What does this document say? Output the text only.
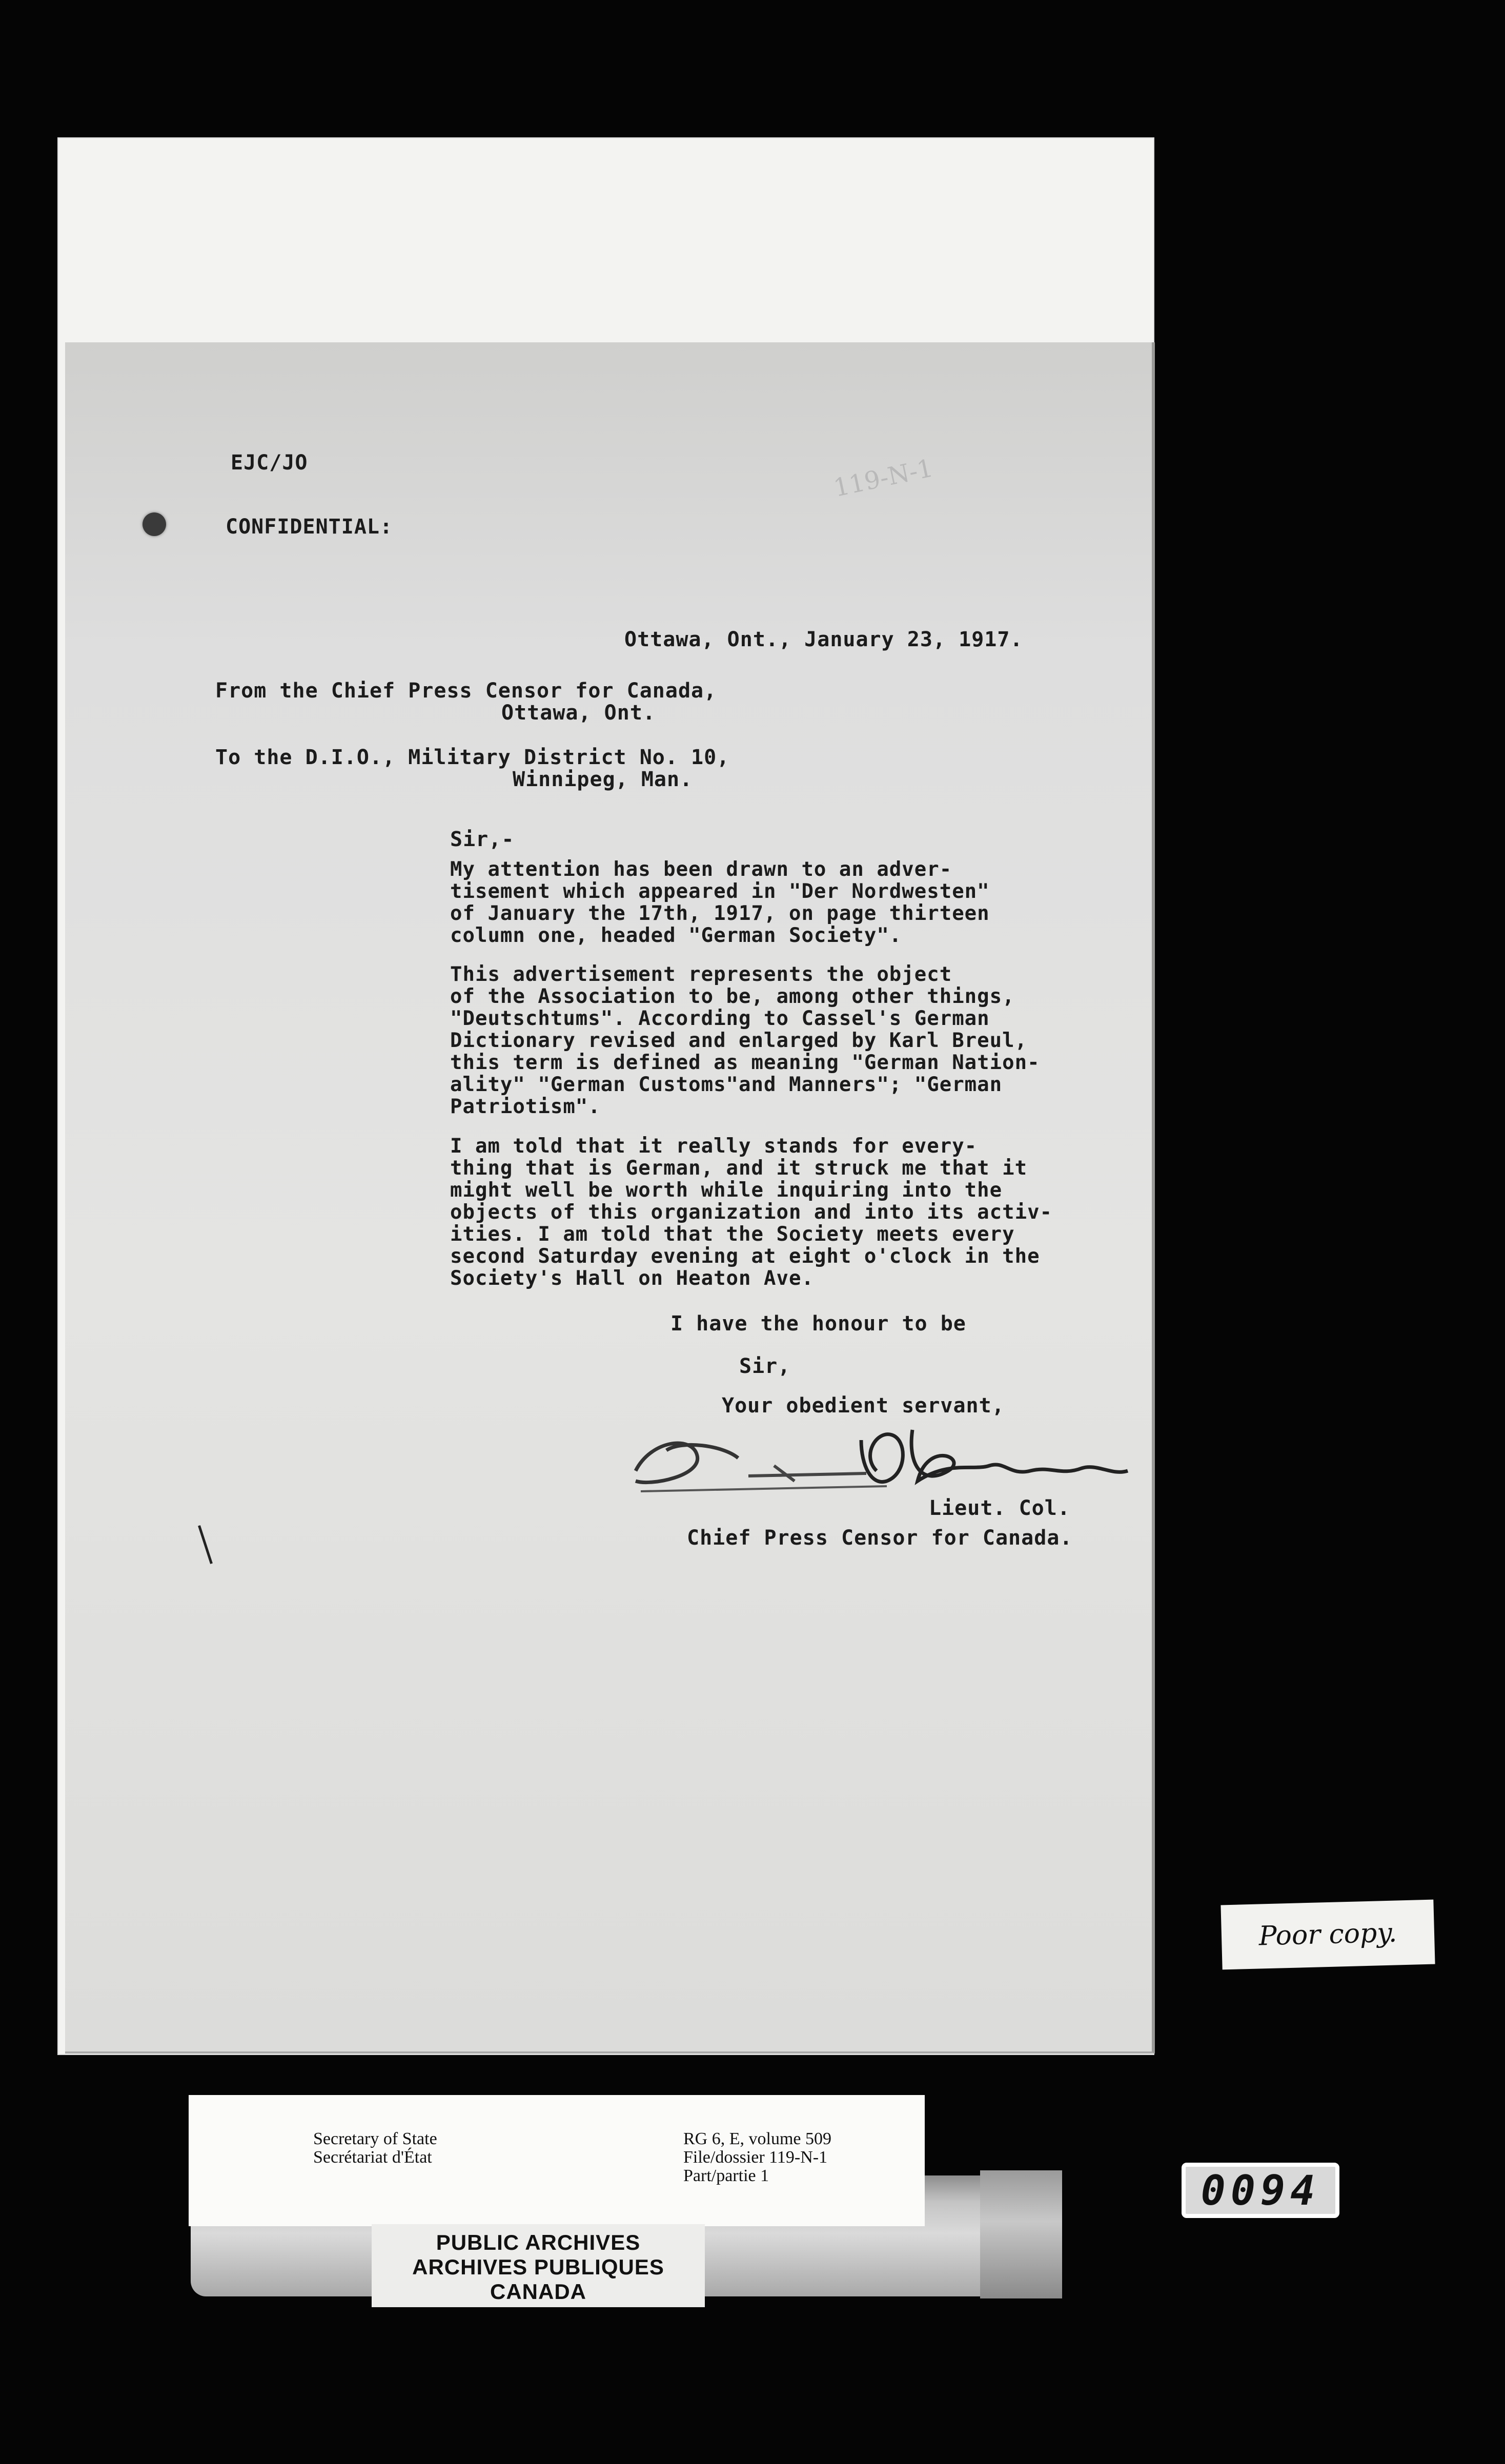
EJC/JO
CONFIDENTIAL:
119-N-1
Ottawa, Ont., January 23, 1917.
From the Chief Press Censor for Canada,
Ottawa, Ont.
To the D.I.O., Military District No. 10,
Winnipeg, Man.
Sir,-
My attention has been drawn to an adver-
tisement which appeared in "Der Nordwesten"
of January the 17th, 1917, on page thirteen
column one, headed "German Society".
This advertisement represents the object
of the Association to be, among other things,
"Deutschtums". According to Cassel's German
Dictionary revised and enlarged by Karl Breul,
this term is defined as meaning "German Nation-
ality" "German Customs"and Manners"; "German
Patriotism".
I am told that it really stands for every-
thing that is German, and it struck me that it
might well be worth while inquiring into the
objects of this organization and into its activ-
ities. I am told that the Society meets every
second Saturday evening at eight o'clock in the
Society's Hall on Heaton Ave.
I have the honour to be
Sir,
Your obedient servant,
Lieut. Col.
Chief Press Censor for Canada.
Poor copy.
Secretary of State
Secrétariat d'État
RG 6, E, volume 509
File/dossier 119-N-1
Part/partie 1
PUBLIC ARCHIVES
ARCHIVES PUBLIQUES
CANADA
0094
